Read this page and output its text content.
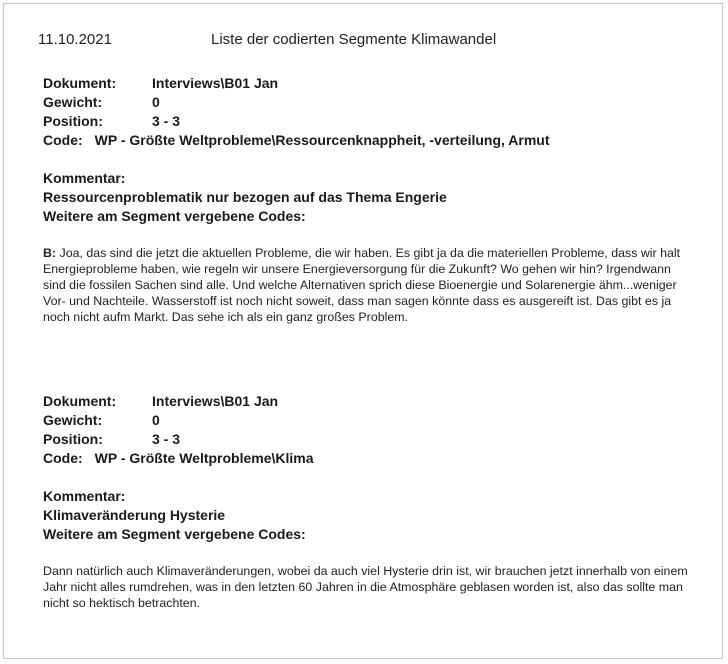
11.10.2021	Liste der codierten Segmente Klimawandel
Dokument:	Interviews\B01 Jan
Gewicht:	0
Position:	3 - 3
Code: WP - Größte Weltprobleme\Ressourcenknappheit, -verteilung, Armut
Kommentar:
Ressourcenproblematik nur bezogen auf das Thema Engerie
Weitere am Segment vergebene Codes:
B: Joa, das sind die jetzt die aktuellen Probleme, die wir haben. Es gibt ja da die materiellen Probleme, dass wir halt Energieprobleme haben, wie regeln wir unsere Energieversorgung für die Zukunft? Wo gehen wir hin? Irgendwann sind die fossilen Sachen sind alle. Und welche Alternativen sprich diese Bioenergie und Solarenergie ähm...weniger Vor- und Nachteile. Wasserstoff ist noch nicht soweit, dass man sagen könnte dass es ausgereift ist. Das gibt es ja noch nicht aufm Markt. Das sehe ich als ein ganz großes Problem.
Dokument:	Interviews\B01 Jan
Gewicht:	0
Position:	3 - 3
Code: WP - Größte Weltprobleme\Klima
Kommentar:
Klimaveränderung Hysterie
Weitere am Segment vergebene Codes:
Dann natürlich auch Klimaveränderungen, wobei da auch viel Hysterie drin ist, wir brauchen jetzt innerhalb von einem Jahr nicht alles rumdrehen, was in den letzten 60 Jahren in die Atmosphäre geblasen worden ist, also das sollte man nicht so hektisch betrachten.
